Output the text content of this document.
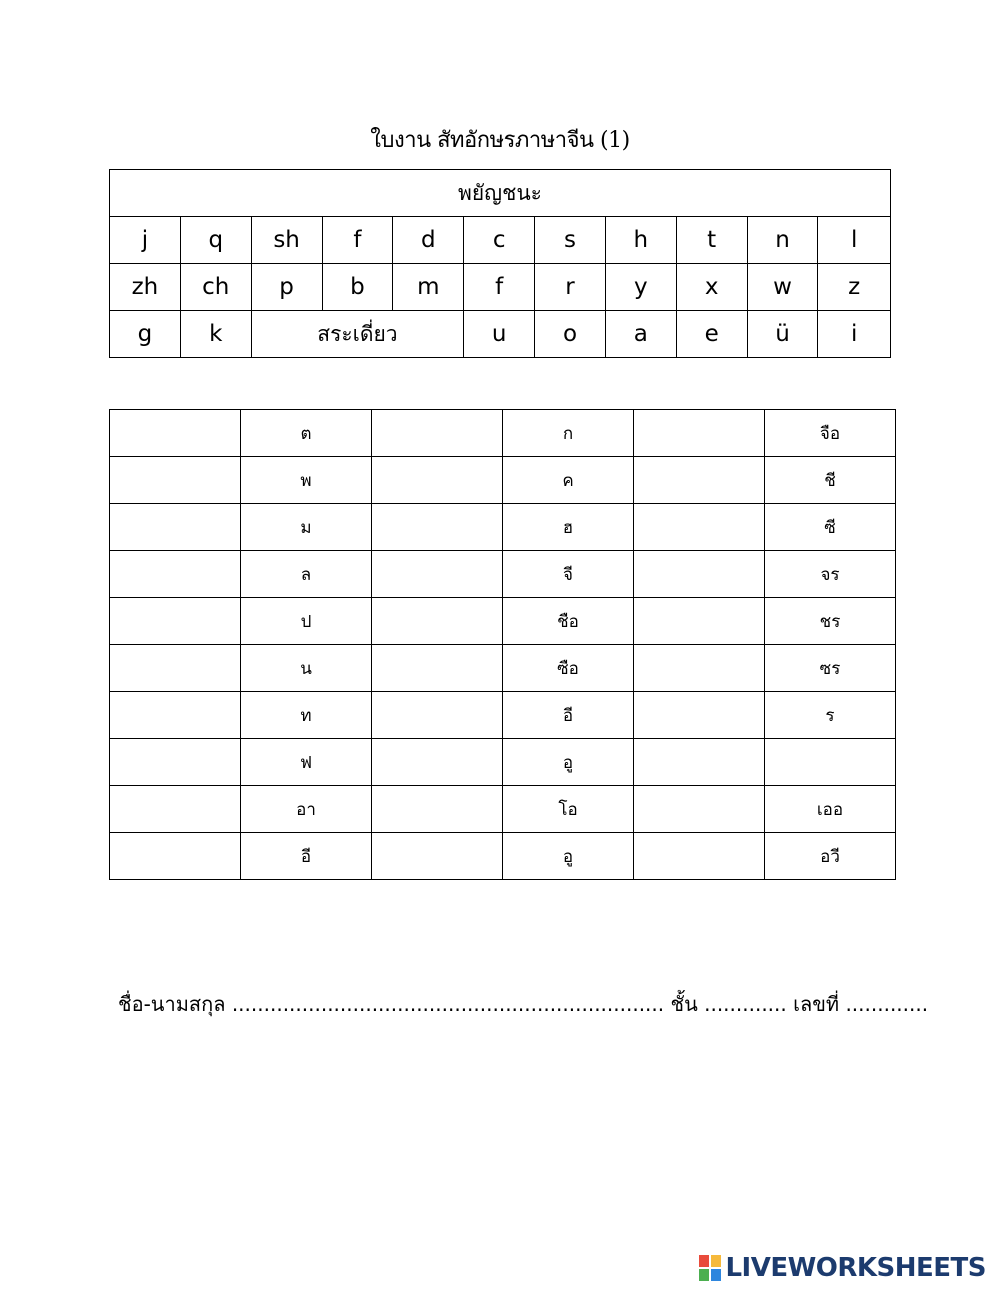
ใบงาน สัทอักษรภาษาจีน (1)
พยัญชนะ										
j	q	sh	f	d	c	s	h	t	n	l
zh	ch	p	b	m	f	r	y	x	w	z
g	k	สระเดี่ยว			u	o	a	e	ü	i
	ต		ก		จือ
	พ		ค		ชี
	ม		ฮ		ซี
	ล		จี		จร
	ป		ชือ		ชร
	น		ซือ		ซร
	ท		อี		ร
	ฟ		อู		
	อา		โอ		เออ
	อี		อู		อวี
ชื่อ-นามสกุล .................................................................... ชั้น ............. เลขที่ .............
LIVEWORKSHEETS
